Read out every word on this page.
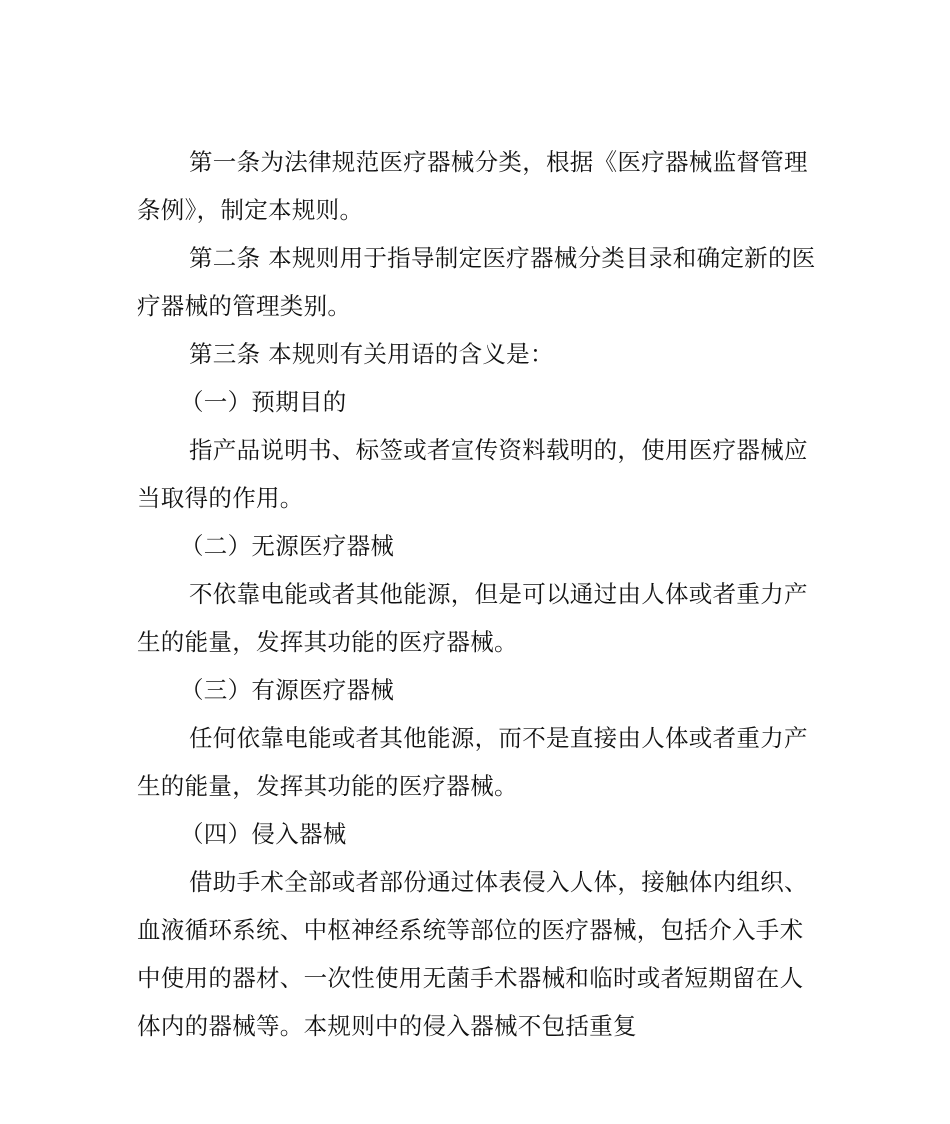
第一条为法律规范医疗器械分类，根据《医疗器械监督管理条例》，制定本规则。

第二条 本规则用于指导制定医疗器械分类目录和确定新的医疗器械的管理类别。

第三条 本规则有关用语的含义是：

（一）预期目的

指产品说明书、标签或者宣传资料载明的，使用医疗器械应当取得的作用。

（二）无源医疗器械

不依靠电能或者其他能源，但是可以通过由人体或者重力产生的能量，发挥其功能的医疗器械。

（三）有源医疗器械

任何依靠电能或者其他能源，而不是直接由人体或者重力产生的能量，发挥其功能的医疗器械。

（四）侵入器械

借助手术全部或者部份通过体表侵入人体，接触体内组织、血液循环系统、中枢神经系统等部位的医疗器械，包括介入手术中使用的器材、一次性使用无菌手术器械和临时或者短期留在人体内的器械等。本规则中的侵入器械不包括重复
